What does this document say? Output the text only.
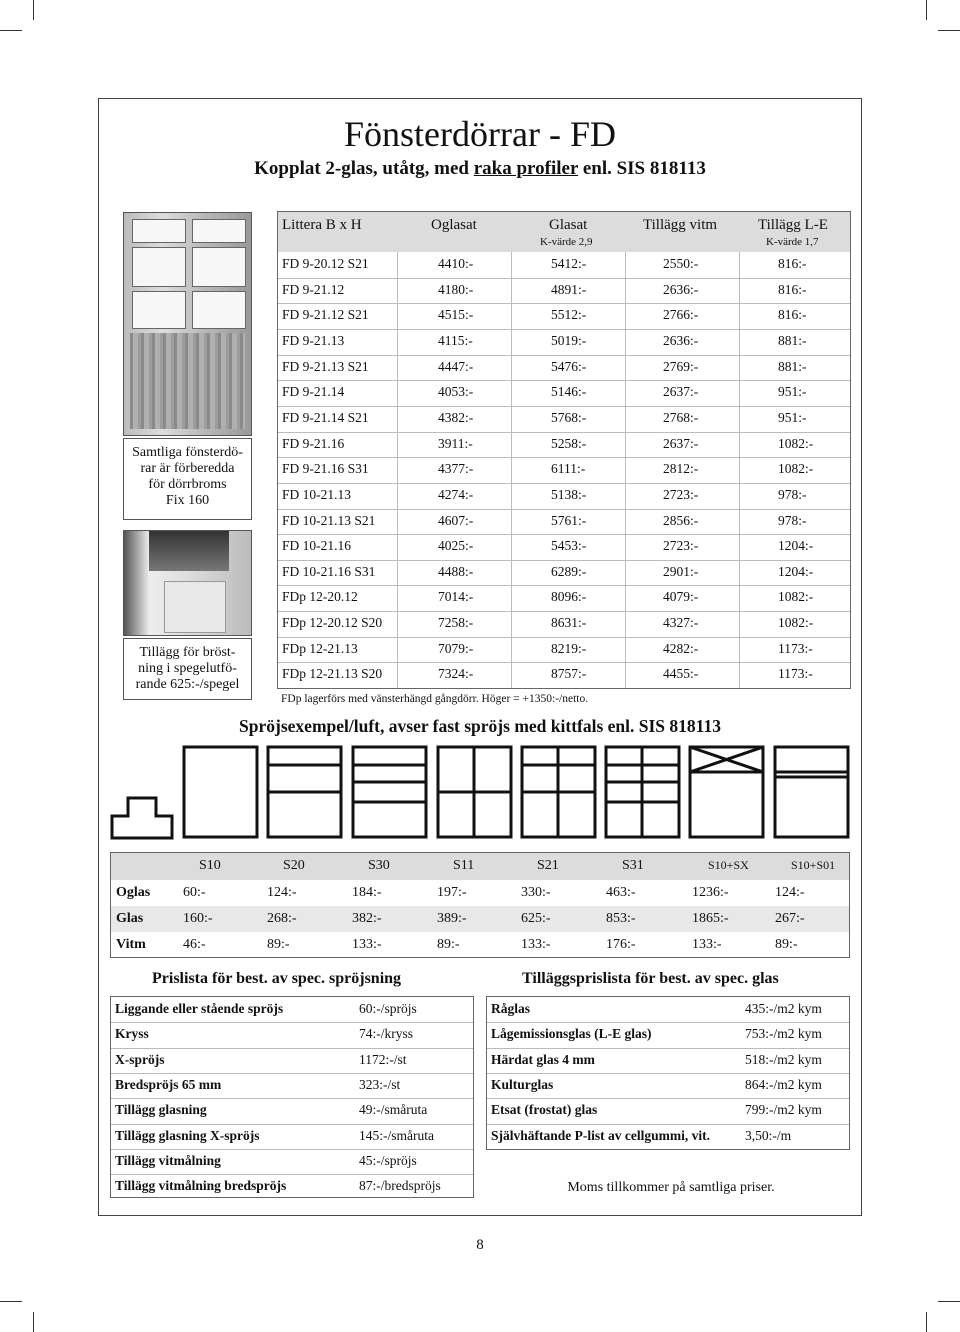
Fönsterdörrar - FD
Kopplat 2-glas, utåtg, med raka profiler enl. SIS 818113
Samtliga fönsterdö-
rar är förberedda
för dörrbroms
Fix 160
Tillägg för bröst-
ning i spegelutfö-
rande 625:-/spegel
Littera B x H	Oglasat	Glasat
K-värde 2,9
Tillägg vitm	Tillägg L-E
K-värde 1,7
FD 9-20.12 S21	4410:-	5412:-	2550:-	816:-
FD 9-21.12	4180:-	4891:-	2636:-	816:-
FD 9-21.12 S21	4515:-	5512:-	2766:-	816:-
FD 9-21.13	4115:-	5019:-	2636:-	881:-
FD 9-21.13 S21	4447:-	5476:-	2769:-	881:-
FD 9-21.14	4053:-	5146:-	2637:-	951:-
FD 9-21.14 S21	4382:-	5768:-	2768:-	951:-
FD 9-21.16	3911:-	5258:-	2637:-	1082:-
FD 9-21.16 S31	4377:-	6111:-	2812:-	1082:-
FD 10-21.13	4274:-	5138:-	2723:-	978:-
FD 10-21.13 S21	4607:-	5761:-	2856:-	978:-
FD 10-21.16	4025:-	5453:-	2723:-	1204:-
FD 10-21.16 S31	4488:-	6289:-	2901:-	1204:-
FDp 12-20.12	7014:-	8096:-	4079:-	1082:-
FDp 12-20.12 S20	7258:-	8631:-	4327:-	1082:-
FDp 12-21.13	7079:-	8219:-	4282:-	1173:-
FDp 12-21.13 S20	7324:-	8757:-	4455:-	1173:-
FDp lagerförs med vänsterhängd gångdörr. Höger = +1350:-/netto.
Spröjsexempel/luft, avser fast spröjs med kittfals enl. SIS 818113
S10	S20	S30	S11	S21	S31	S10+SX	S10+S01
Oglas 60:-	124:-	184:-	197:-	330:-	463:-	1236:-	124:-
Glas	160:-	268:-	382:-	389:-	625:-	853:-	1865:-	267:-
Vitm	46:-	89:-	133:-	89:-	133:-	176:-	133:-	89:-
Prislista för best. av spec. spröjsning	Tilläggsprislista för best. av spec. glas
Liggande eller stående spröjs	60:-/spröjs
Kryss	74:-/kryss
X-spröjs	1172:-/st
Bredspröjs 65 mm	323:-/st
Tillägg glasning	49:-/småruta
Tillägg glasning X-spröjs	145:-/småruta
Tillägg vitmålning	45:-/spröjs
Tillägg vitmålning bredspröjs	87:-/bredspröjs
Råglas	435:-/m2 kym
Lågemissionsglas (L-E glas)	753:-/m2 kym
Härdat glas 4 mm	518:-/m2 kym
Kulturglas	864:-/m2 kym
Etsat (frostat) glas	799:-/m2 kym
Självhäftande P-list av cellgummi, vit.	3,50:-/m
Moms tillkommer på samtliga priser.
8
